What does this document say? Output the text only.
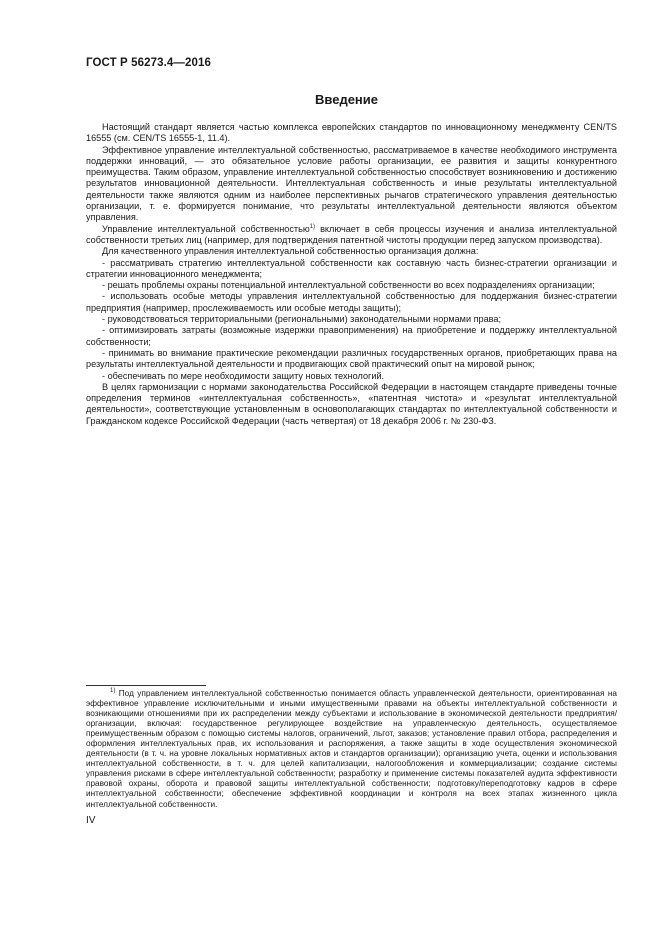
ГОСТ Р 56273.4—2016
Введение

Настоящий стандарт является частью комплекса европейских стандартов по инновационному менеджменту CEN/TS 16555 (см. CEN/TS 16555-1, 11.4).

Эффективное управление интеллектуальной собственностью, рассматриваемое в качестве необходимого инструмента поддержки инноваций, — это обязательное условие работы организации, ее развития и защиты конкурентного преимущества. Таким образом, управление интеллектуальной собственностью способствует возникновению и достижению результатов инновационной деятельности. Интеллектуальная собственность и иные результаты интеллектуальной деятельности также являются одним из наиболее перспективных рычагов стратегического управления деятельностью организации, т. е. формируется понимание, что результаты интеллектуальной деятельности являются объектом управления.

Управление интеллектуальной собственностью$^{1)}$ включает в себя процессы изучения и анализа интеллектуальной собственности третьих лиц (например, для подтверждения патентной чистоты продукции перед запуском производства).

Для качественного управления интеллектуальной собственностью организация должна:

- рассматривать стратегию интеллектуальной собственности как составную часть бизнес-стратегии организации и стратегии инновационного менеджмента;

- решать проблемы охраны потенциальной интеллектуальной собственности во всех подразделениях организации;

- использовать особые методы управления интеллектуальной собственностью для поддержания бизнес-стратегии предприятия (например, прослеживаемость или особые методы защиты);

- руководствоваться территориальными (региональными) законодательными нормами права;

- оптимизировать затраты (возможные издержки правоприменения) на приобретение и поддержку интеллектуальной собственности;

- принимать во внимание практические рекомендации различных государственных органов, приобретающих права на результаты интеллектуальной деятельности и продвигающих свой практический опыт на мировой рынок;

- обеспечивать по мере необходимости защиту новых технологий.

В целях гармонизации с нормами законодательства Российской Федерации в настоящем стандарте приведены точные определения терминов «интеллектуальная собственность», «патентная чистота» и «результат интеллектуальной деятельности», соответствующие установленным в основополагающих стандартах по интеллектуальной собственности и Гражданском кодексе Российской Федерации (часть четвертая) от 18 декабря 2006 г. № 230-ФЗ.

$^{1)}$ Под управлением интеллектуальной собственностью понимается область управленческой деятельности, ориентированная на эффективное управление исключительными и иными имущественными правами на объекты интеллектуальной собственности и возникающими отношениями при их распределении между субъектами и использование в экономической деятельности предприятия/организации, включая: государственное регулирующее воздействие на управленческую деятельность, осуществляемое преимущественным образом с помощью системы налогов, ограничений, льгот, заказов; установление правил отбора, распределения и оформления интеллектуальных прав, их использования и распоряжения, а также защиты в ходе осуществления экономической деятельности (в т. ч. на уровне локальных нормативных актов и стандартов организации); организацию учета, оценки и использования интеллектуальной собственности, в т. ч. для целей капитализации, налогообложения и коммерциализации; создание системы управления рисками в сфере интеллектуальной собственности; разработку и применение системы показателей аудита эффективности правовой охраны, оборота и правовой защиты интеллектуальной собственности; подготовку/переподготовку кадров в сфере интеллектуальной собственности; обеспечение эффективной координации и контроля на всех этапах жизненного цикла интеллектуальной собственности.

IV
